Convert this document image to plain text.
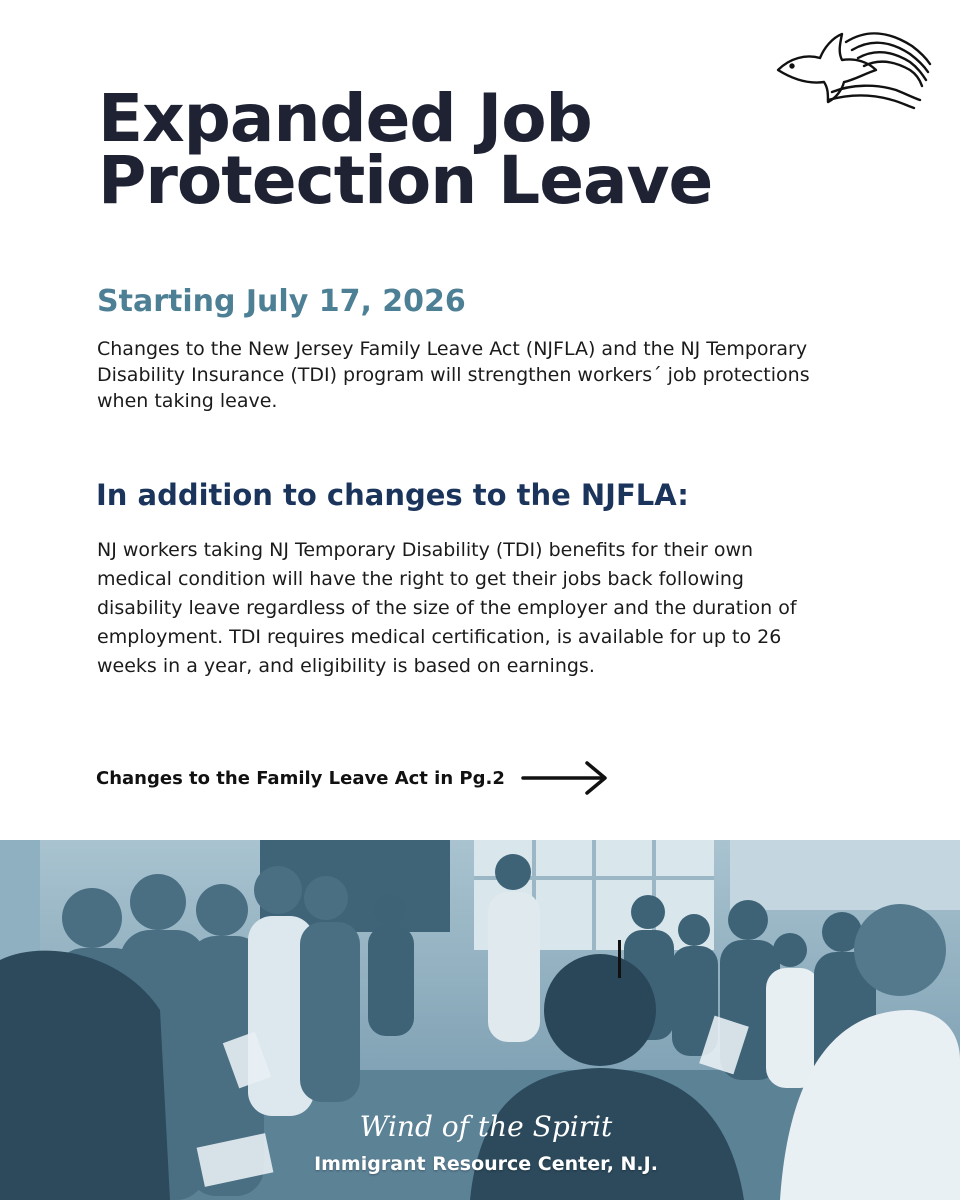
Expanded Job Protection Leave
Starting July 17, 2026

Changes to the New Jersey Family Leave Act (NJFLA) and the NJ Temporary Disability Insurance (TDI) program will strengthen workers´ job protections when taking leave.

In addition to changes to the NJFLA:

NJ workers taking NJ Temporary Disability (TDI) benefits for their own medical condition will have the right to get their jobs back following disability leave regardless of the size of the employer and the duration of employment. TDI requires medical certification, is available for up to 26 weeks in a year, and eligibility is based on earnings.

Changes to the Family Leave Act in Pg.2
Wind of the Spirit
Immigrant Resource Center, N.J.
